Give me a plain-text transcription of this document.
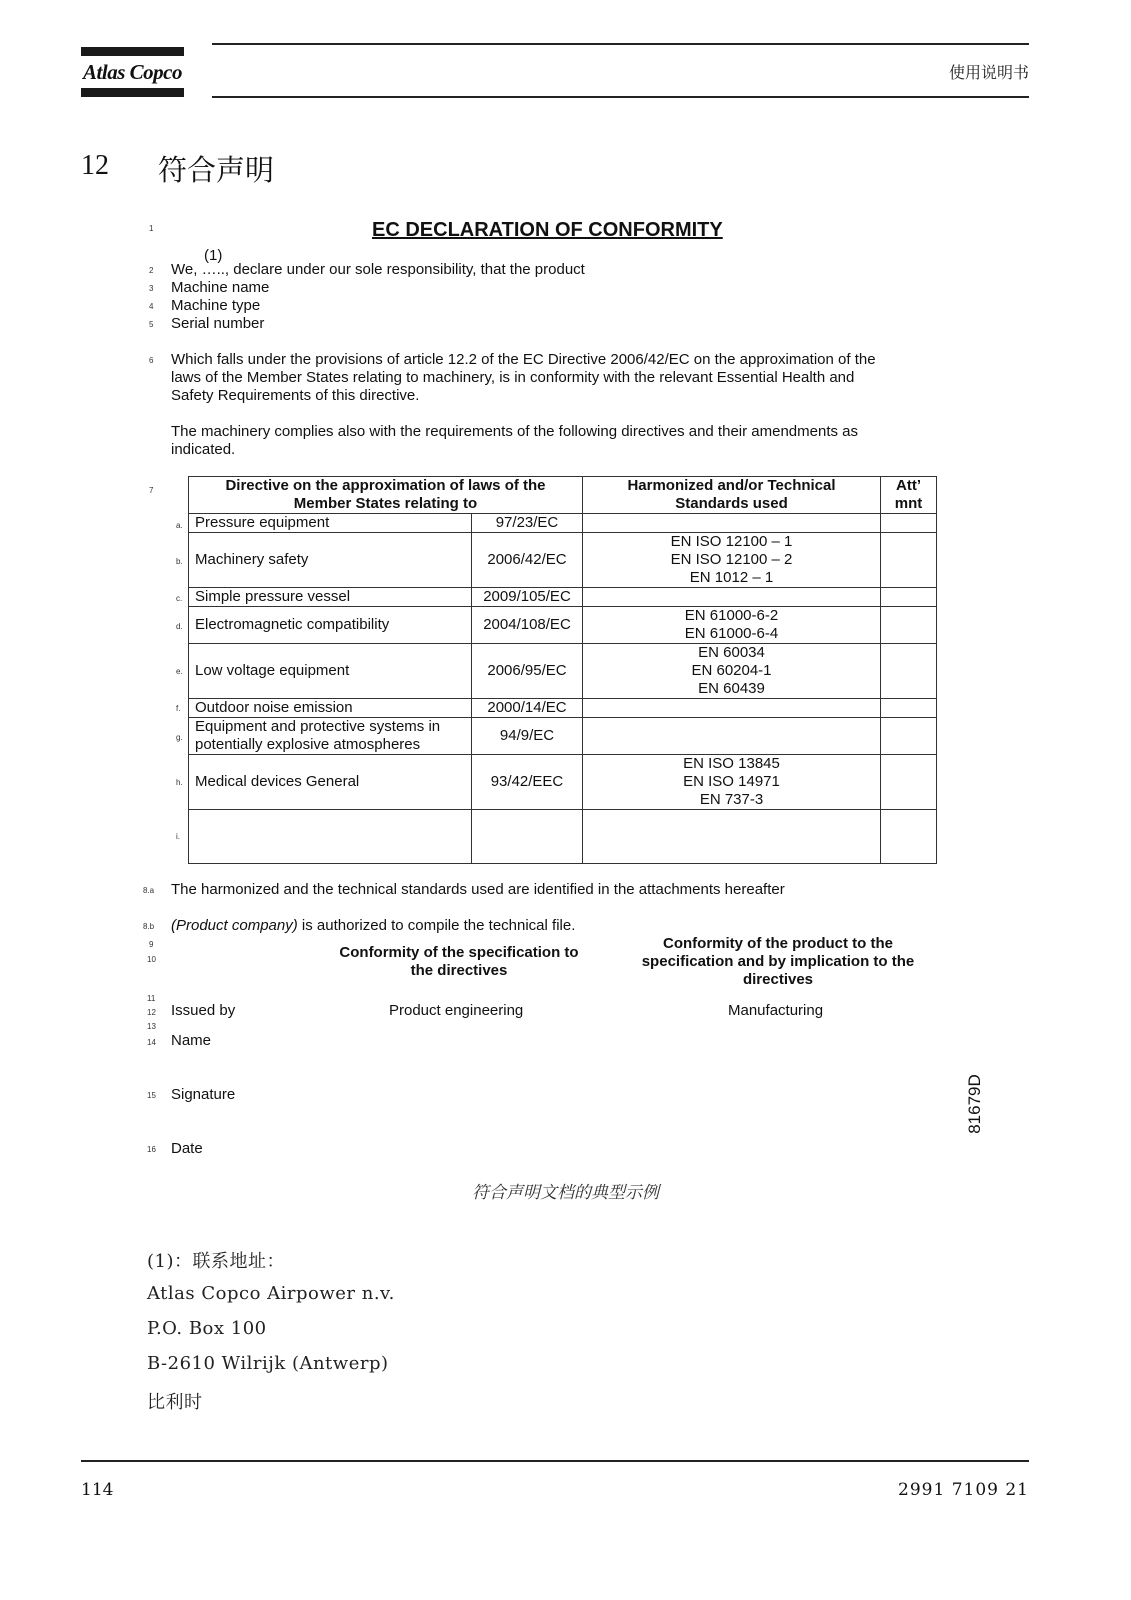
Atlas Copco	使用说明书
12 符合声明
1	EC DECLARATION OF CONFORMITY
2
(1)
We, ….., declare under our sole responsibility, that the product
3 Machine name
4 Machine type
5 Serial number
6 Which falls under the provisions of article 12.2 of the EC Directive 2006/42/EC on the approximation of the
laws of the Member States relating to machinery, is in conformity with the relevant Essential Health and
Safety Requirements of this directive.
The machinery complies also with the requirements of the following directives and their amendments as
indicated.
7
a.
b.
c.
d.
e.
f.
g.
h.
i.
Directive on the approximation of laws of the Member States relating to		Harmonized and/or Technical Standards used	Att’ mnt
Pressure equipment	97/23/EC		
Machinery safety	2006/42/EC	EN ISO 12100 – 1
EN ISO 12100 – 2
EN 1012 – 1	
Simple pressure vessel	2009/105/EC		
Electromagnetic compatibility	2004/108/EC	EN 61000-6-2
EN 61000-6-4	
Low voltage equipment	2006/95/EC	EN 60034
EN 60204-1
EN 60439	
Outdoor noise emission	2000/14/EC		
Equipment and protective systems in potentially explosive atmospheres	94/9/EC		
Medical devices General	93/42/EEC	EN ISO 13845
EN ISO 14971
EN 737-3	

8.a The harmonized and the technical standards used are identified in the attachments hereafter
8.b (Product company) is authorized to compile the technical file.
9
10	Conformity of the specification to the directives
Conformity of the product to the specification and by implication to the directives
11
12
13
Issued by	Product engineering	Manufacturing
14 Name
15 Signature
16 Date
81679D
符合声明文档的典型示例
(1)：联系地址：
Atlas Copco Airpower n.v.
P.O. Box 100
B-2610 Wilrijk (Antwerp)
比利时
114	2991 7109 21
